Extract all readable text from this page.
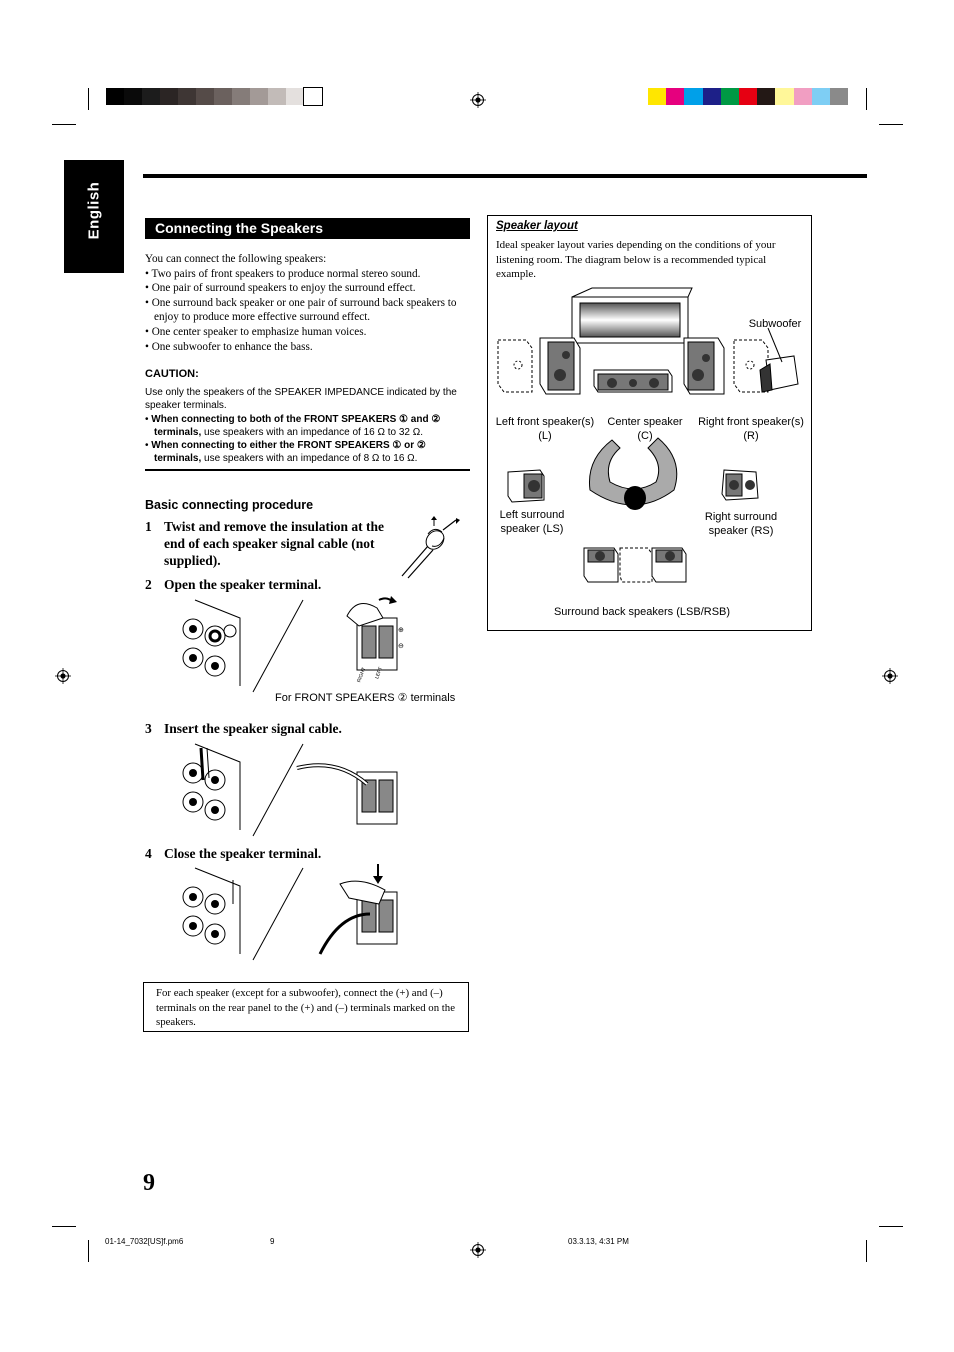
English	Connecting the Speakers

You can connect the following speakers:

• Two pairs of front speakers to produce normal stereo sound.
• One pair of surround speakers to enjoy the surround effect.
• One surround back speaker or one pair of surround back speakers to enjoy to produce more effective surround effect.
• One center speaker to emphasize human voices.
• One subwoofer to enhance the bass.
CAUTION:

Use only the speakers of the SPEAKER IMPEDANCE indicated by the speaker terminals.

• When connecting to both of the FRONT SPEAKERS ① and ② terminals, use speakers with an impedance of 16 Ω to 32 Ω.
• When connecting to either the FRONT SPEAKERS ① or ② terminals, use speakers with an impedance of 8 Ω to 16 Ω.
Basic connecting procedure
1 Twist and remove the insulation at the end of each speaker signal cable (not supplied).
2 Open the speaker terminal.
⊖
⊕
RIGHT LEFT
For FRONT SPEAKERS ② terminals
3 Insert the speaker signal cable.
4 Close the speaker terminal.
For each speaker (except for a subwoofer), connect the (+) and (–) terminals on the rear panel to the (+) and (–) terminals marked on the speakers.
Speaker layout
Ideal speaker layout varies depending on the conditions of your listening room. The diagram below is a recommended typical example.
Subwoofer
Left front speaker(s)
(L)
Center speaker
(C)
Right front speaker(s)
(R)
Left surround
speaker (LS)
Right surround
speaker (RS)
Surround back speakers (LSB/RSB)
9
01-14_7032[US]f.pm6	9	03.3.13, 4:31 PM
